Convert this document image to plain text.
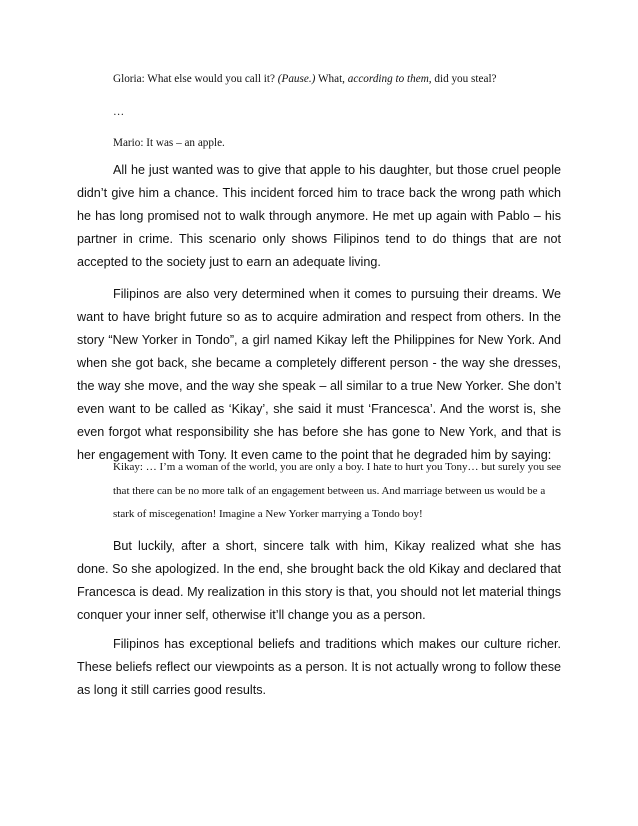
Gloria: What else would you call it? (Pause.) What, according to them, did you steal?
…
Mario: It was – an apple.

All he just wanted was to give that apple to his daughter, but those cruel people didn’t give him a chance. This incident forced him to trace back the wrong path which he has long promised not to walk through anymore. He met up again with Pablo – his partner in crime. This scenario only shows Filipinos tend to do things that are not accepted to the society just to earn an adequate living.

Filipinos are also very determined when it comes to pursuing their dreams. We want to have bright future so as to acquire admiration and respect from others. In the story “New Yorker in Tondo”, a girl named Kikay left the Philippines for New York. And when she got back, she became a completely different person - the way she dresses, the way she move, and the way she speak – all similar to a true New Yorker. She don’t even want to be called as ‘Kikay’, she said it must ‘Francesca’. And the worst is, she even forgot what responsibility she has before she has gone to New York, and that is her engagement with Tony. It even came to the point that he degraded him by saying:

Kikay: … I’m a woman of the world, you are only a boy. I hate to hurt you Tony… but surely you see that there can be no more talk of an engagement between us. And marriage between us would be a stark of miscegenation! Imagine a New Yorker marrying a Tondo boy!

But luckily, after a short, sincere talk with him, Kikay realized what she has done. So she apologized. In the end, she brought back the old Kikay and declared that Francesca is dead. My realization in this story is that, you should not let material things conquer your inner self, otherwise it’ll change you as a person.

Filipinos has exceptional beliefs and traditions which makes our culture richer. These beliefs reflect our viewpoints as a person. It is not actually wrong to follow these as long it still carries good results.
